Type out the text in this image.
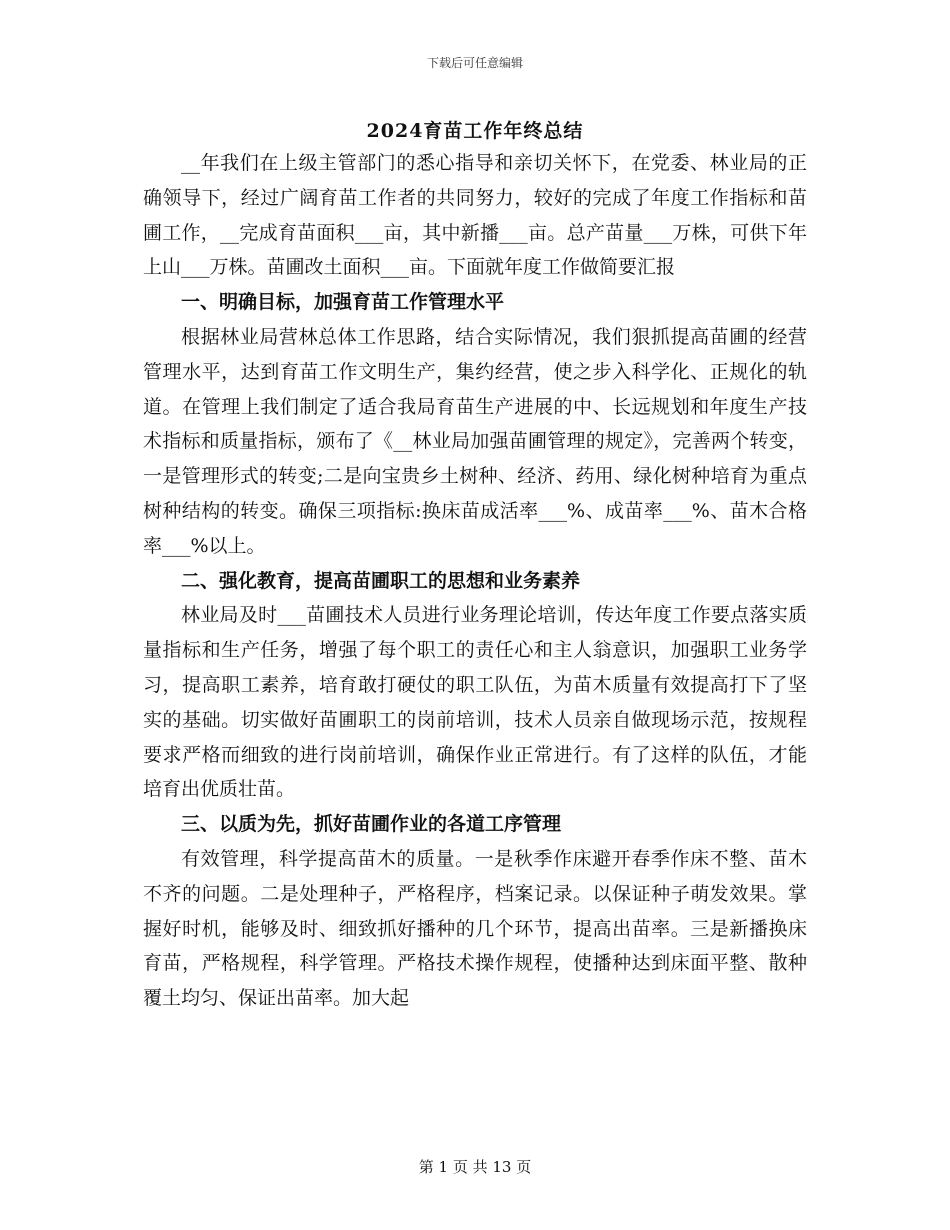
下载后可任意编辑
2024育苗工作年终总结

__年我们在上级主管部门的悉心指导和亲切关怀下，在党委、林业局的正确领导下，经过广阔育苗工作者的共同努力，较好的完成了年度工作指标和苗圃工作，__完成育苗面积___亩，其中新播___亩。总产苗量___万株，可供下年上山___万株。苗圃改土面积___亩。下面就年度工作做简要汇报

一、明确目标，加强育苗工作管理水平

根据林业局营林总体工作思路，结合实际情况，我们狠抓提高苗圃的经营管理水平，达到育苗工作文明生产，集约经营，使之步入科学化、正规化的轨道。在管理上我们制定了适合我局育苗生产进展的中、长远规划和年度生产技术指标和质量指标，颁布了《__林业局加强苗圃管理的规定》，完善两个转变，一是管理形式的转变;二是向宝贵乡土树种、经济、药用、绿化树种培育为重点树种结构的转变。确保三项指标:换床苗成活率___%、成苗率___%、苗木合格率___%以上。

二、强化教育，提高苗圃职工的思想和业务素养

林业局及时___苗圃技术人员进行业务理论培训，传达年度工作要点落实质量指标和生产任务，增强了每个职工的责任心和主人翁意识，加强职工业务学习，提高职工素养，培育敢打硬仗的职工队伍，为苗木质量有效提高打下了坚实的基础。切实做好苗圃职工的岗前培训，技术人员亲自做现场示范，按规程要求严格而细致的进行岗前培训，确保作业正常进行。有了这样的队伍，才能培育出优质壮苗。

三、以质为先，抓好苗圃作业的各道工序管理

有效管理，科学提高苗木的质量。一是秋季作床避开春季作床不整、苗木不齐的问题。二是处理种子，严格程序，档案记录。以保证种子萌发效果。掌握好时机，能够及时、细致抓好播种的几个环节，提高出苗率。三是新播换床育苗，严格规程，科学管理。严格技术操作规程，使播种达到床面平整、散种覆土均匀、保证出苗率。加大起

第 1 页 共 13 页
